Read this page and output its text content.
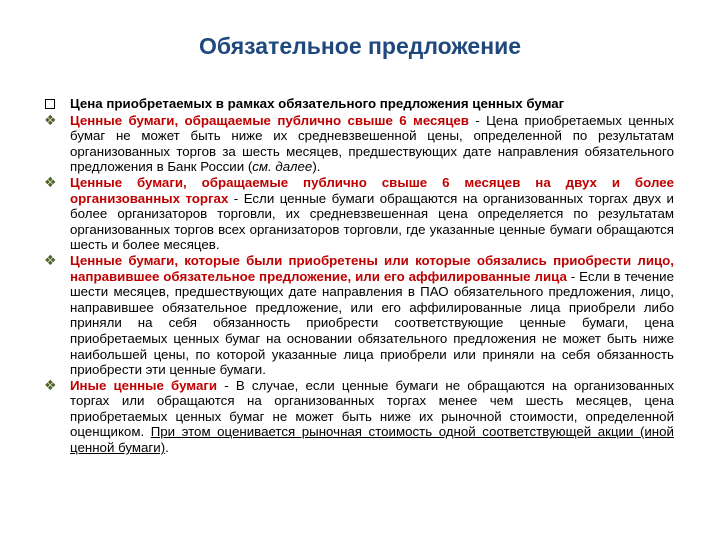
Обязательное предложение
Цена приобретаемых в рамках обязательного предложения ценных бумаг
❖	Ценные бумаги, обращаемые публично свыше 6 месяцев - Цена приобретаемых ценных бумаг не может быть ниже их средневзвешенной цены, определенной по результатам организованных торгов за шесть месяцев, предшествующих дате направления обязательного предложения в Банк России (см. далее).
❖	Ценные бумаги, обращаемые публично свыше 6 месяцев на двух и более организованных торгах - Если ценные бумаги обращаются на организованных торгах двух и более организаторов торговли, их средневзвешенная цена определяется по результатам организованных торгов всех организаторов торговли, где указанные ценные бумаги обращаются шесть и более месяцев.
❖	Ценные бумаги, которые были приобретены или которые обязались приобрести лицо, направившее обязательное предложение, или его аффилированные лица - Если в течение шести месяцев, предшествующих дате направления в ПАО обязательного предложения, лицо, направившее обязательное предложение, или его аффилированные лица приобрели либо приняли на себя обязанность приобрести соответствующие ценные бумаги, цена приобретаемых ценных бумаг на основании обязательного предложения не может быть ниже наибольшей цены, по которой указанные лица приобрели или приняли на себя обязанность приобрести эти ценные бумаги.
❖	Иные ценные бумаги - В случае, если ценные бумаги не обращаются на организованных торгах или обращаются на организованных торгах менее чем шесть месяцев, цена приобретаемых ценных бумаг не может быть ниже их рыночной стоимости, определенной оценщиком. При этом оценивается рыночная стоимость одной соответствующей акции (иной ценной бумаги).
